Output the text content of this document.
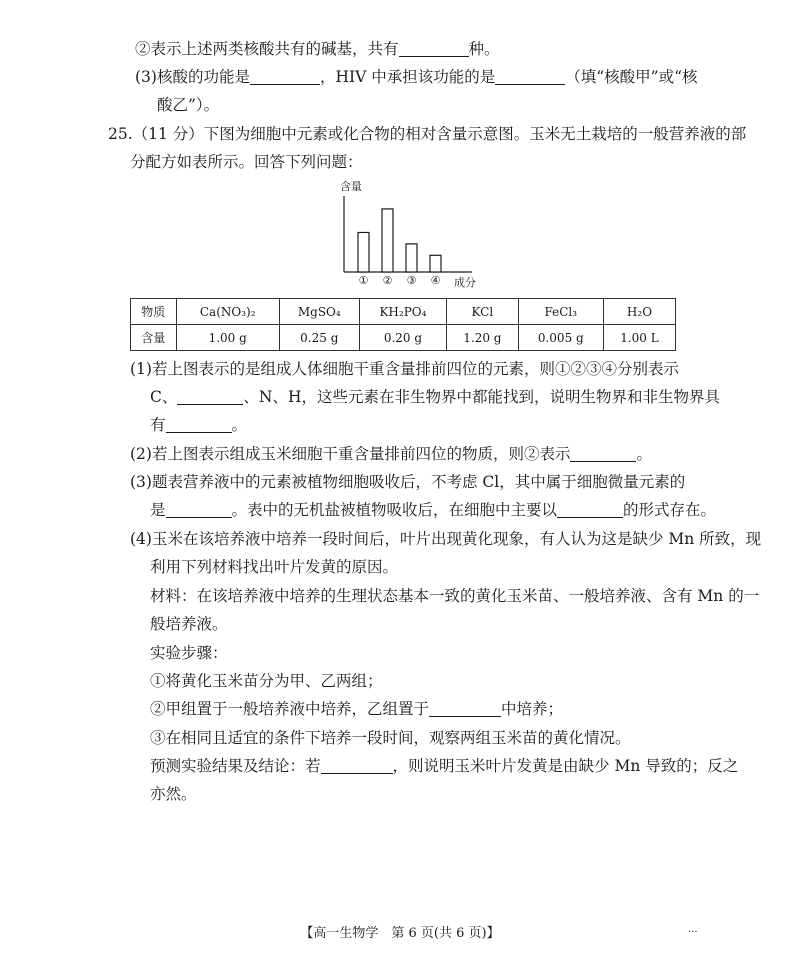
②表示上述两类核酸共有的碱基，共有	种。
(3)核酸的功能是	，HIV 中承担该功能的是	（填“核酸甲”或“核
酸乙”）。
25.（11 分）下图为细胞中元素或化合物的相对含量示意图。玉米无土栽培的一般营养液的部
分配方如表所示。回答下列问题：
含量
成分
① ② ③ ④
物质	Ca(NO₃)₂	MgSO₄	KH₂PO₄	KCl	FeCl₃	H₂O
含量	1.00 g	0.25 g	0.20 g	1.20 g	0.005 g	1.00 L
(1)若上图表示的是组成人体细胞干重含量排前四位的元素，则①②③④分别表示
C、	、N、H，这些元素在非生物界中都能找到，说明生物界和非生物界具
有	。
(2)若上图表示组成玉米细胞干重含量排前四位的物质，则②表示	。
(3)题表营养液中的元素被植物细胞吸收后，不考虑 Cl，其中属于细胞微量元素的
是	。表中的无机盐被植物吸收后，在细胞中主要以	的形式存在。
(4)玉米在该培养液中培养一段时间后，叶片出现黄化现象，有人认为这是缺少 Mn 所致，现
利用下列材料找出叶片发黄的原因。
材料：在该培养液中培养的生理状态基本一致的黄化玉米苗、一般培养液、含有 Mn 的一
般培养液。
实验步骤：
①将黄化玉米苗分为甲、乙两组；
②甲组置于一般培养液中培养，乙组置于	中培养；
③在相同且适宜的条件下培养一段时间，观察两组玉米苗的黄化情况。
预测实验结果及结论：若	，则说明玉米叶片发黄是由缺少 Mn 导致的；反之
亦然。
【高一生物学　第 6 页(共 6 页)】	...
